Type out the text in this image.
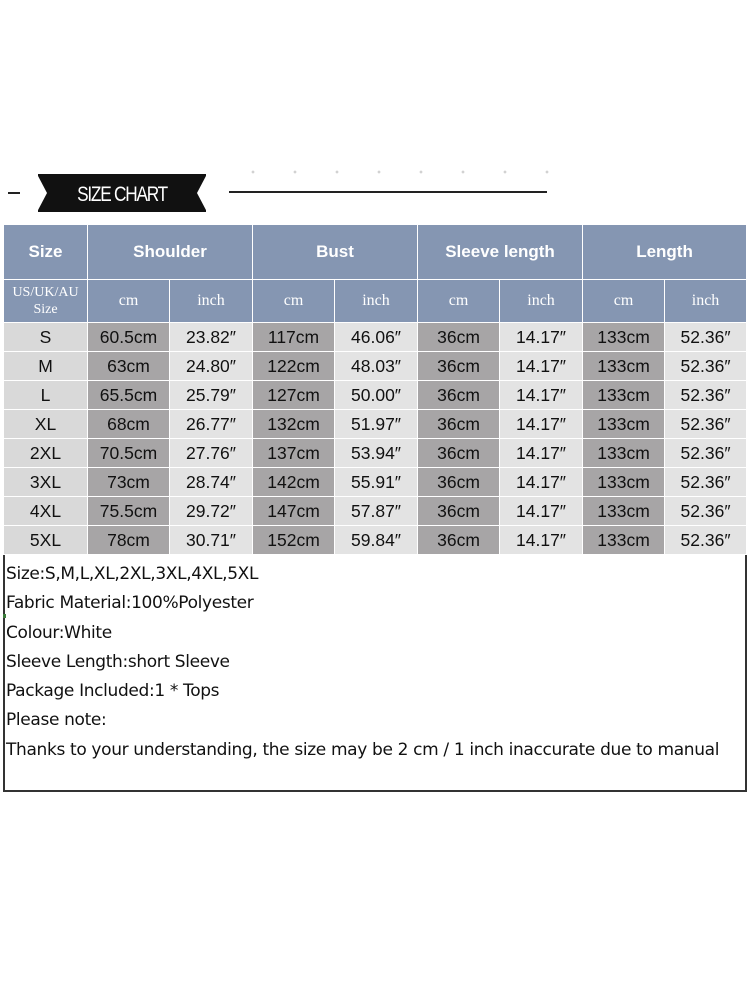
SIZE CHART
Size	Shoulder		Bust		Sleeve length		Length	

US/UK/AU
Size	cm	inch	cm	inch	cm	inch	cm	inch
S	60.5cm	23.82″	117cm	46.06″	36cm	14.17″	133cm	52.36″
M	63cm	24.80″	122cm	48.03″	36cm	14.17″	133cm	52.36″
L	65.5cm	25.79″	127cm	50.00″	36cm	14.17″	133cm	52.36″
XL	68cm	26.77″	132cm	51.97″	36cm	14.17″	133cm	52.36″
2XL	70.5cm	27.76″	137cm	53.94″	36cm	14.17″	133cm	52.36″
3XL	73cm	28.74″	142cm	55.91″	36cm	14.17″	133cm	52.36″
4XL	75.5cm	29.72″	147cm	57.87″	36cm	14.17″	133cm	52.36″
5XL	78cm	30.71″	152cm	59.84″	36cm	14.17″	133cm	52.36″
Size:S,M,L,XL,2XL,3XL,4XL,5XL
Fabric Material:100%Polyester
Colour:White
Sleeve Length:short Sleeve
Package Included:1 * Tops
Please note:
Thanks to your understanding, the size may be 2 cm / 1 inch inaccurate due to manual
